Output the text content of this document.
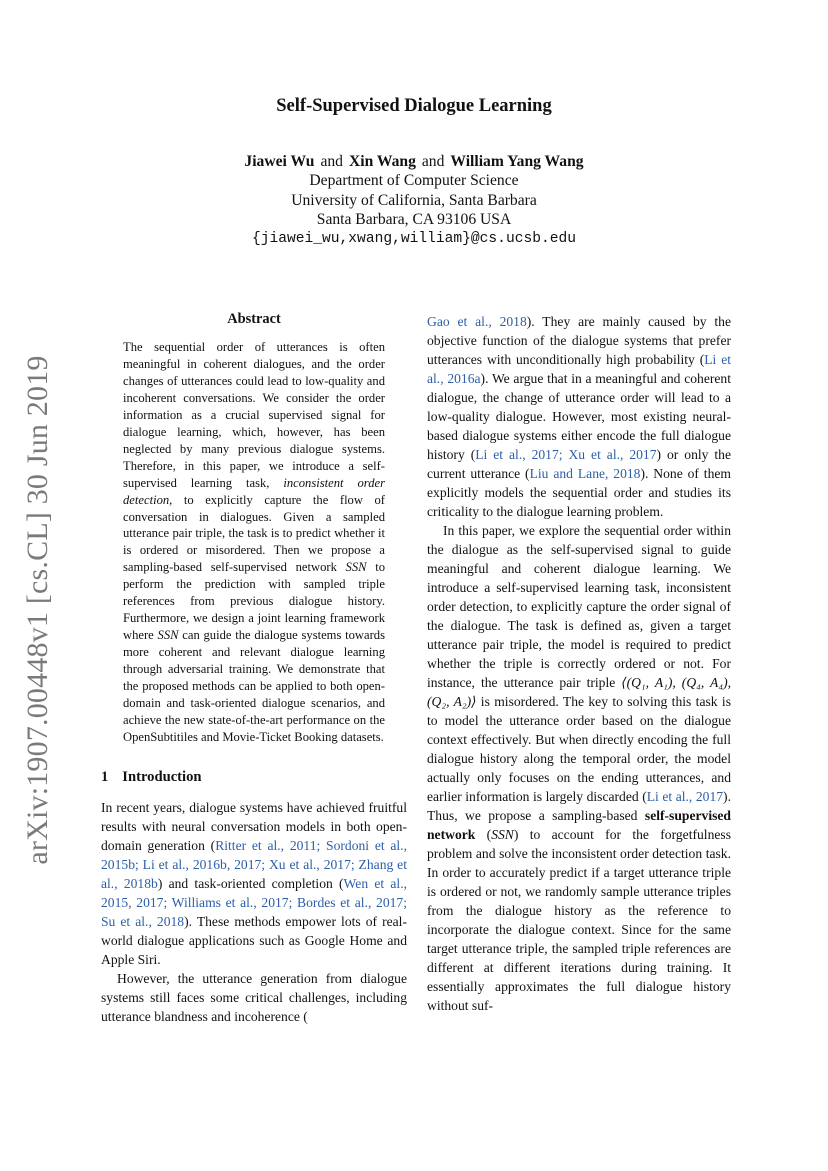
arXiv:1907.00448v1 [cs.CL] 30 Jun 2019
Self-Supervised Dialogue Learning
Jiawei Wu and Xin Wang and William Yang Wang
Department of Computer Science
University of California, Santa Barbara
Santa Barbara, CA 93106 USA
{jiawei_wu,xwang,william}@cs.ucsb.edu
Abstract
The sequential order of utterances is often meaningful in coherent dialogues, and the order changes of utterances could lead to low-quality and incoherent conversations. We consider the order information as a crucial supervised signal for dialogue learning, which, however, has been neglected by many previous dialogue systems. Therefore, in this paper, we introduce a self-supervised learning task, inconsistent order detection, to explicitly capture the flow of conversation in dialogues. Given a sampled utterance pair triple, the task is to predict whether it is ordered or misordered. Then we propose a sampling-based self-supervised network SSN to perform the prediction with sampled triple references from previous dialogue history. Furthermore, we design a joint learning framework where SSN can guide the dialogue systems towards more coherent and relevant dialogue learning through adversarial training. We demonstrate that the proposed methods can be applied to both open-domain and task-oriented dialogue scenarios, and achieve the new state-of-the-art performance on the OpenSubtitiles and Movie-Ticket Booking datasets.
1 Introduction

In recent years, dialogue systems have achieved fruitful results with neural conversation models in both open-domain generation (Ritter et al., 2011; Sordoni et al., 2015b; Li et al., 2016b, 2017; Xu et al., 2017; Zhang et al., 2018b) and task-oriented completion (Wen et al., 2015, 2017; Williams et al., 2017; Bordes et al., 2017; Su et al., 2018). These methods empower lots of real-world dialogue applications such as Google Home and Apple Siri.

However, the utterance generation from dialogue systems still faces some critical challenges, including utterance blandness and incoherence (

Gao et al., 2018). They are mainly caused by the objective function of the dialogue systems that prefer utterances with unconditionally high probability (Li et al., 2016a). We argue that in a meaningful and coherent dialogue, the change of utterance order will lead to a low-quality dialogue. However, most existing neural-based dialogue systems either encode the full dialogue history (Li et al., 2017; Xu et al., 2017) or only the current utterance (Liu and Lane, 2018). None of them explicitly models the sequential order and studies its criticality to the dialogue learning problem.

In this paper, we explore the sequential order within the dialogue as the self-supervised signal to guide meaningful and coherent dialogue learning. We introduce a self-supervised learning task, inconsistent order detection, to explicitly capture the order signal of the dialogue. The task is defined as, given a target utterance pair triple, the model is required to predict whether the triple is correctly ordered or not. For instance, the utterance pair triple ⟨(Q₁, A₁), (Q₄, A₄), (Q₂, A₂)⟩ is misordered. The key to solving this task is to model the utterance order based on the dialogue context effectively. But when directly encoding the full dialogue history along the temporal order, the model actually only focuses on the ending utterances, and earlier information is largely discarded (Li et al., 2017). Thus, we propose a sampling-based self-supervised network (SSN) to account for the forgetfulness problem and solve the inconsistent order detection task. In order to accurately predict if a target utterance triple is ordered or not, we randomly sample utterance triples from the dialogue history as the reference to incorporate the dialogue context. Since for the same target utterance triple, the sampled triple references are different at different iterations during training. It essentially approximates the full dialogue history without suf-
